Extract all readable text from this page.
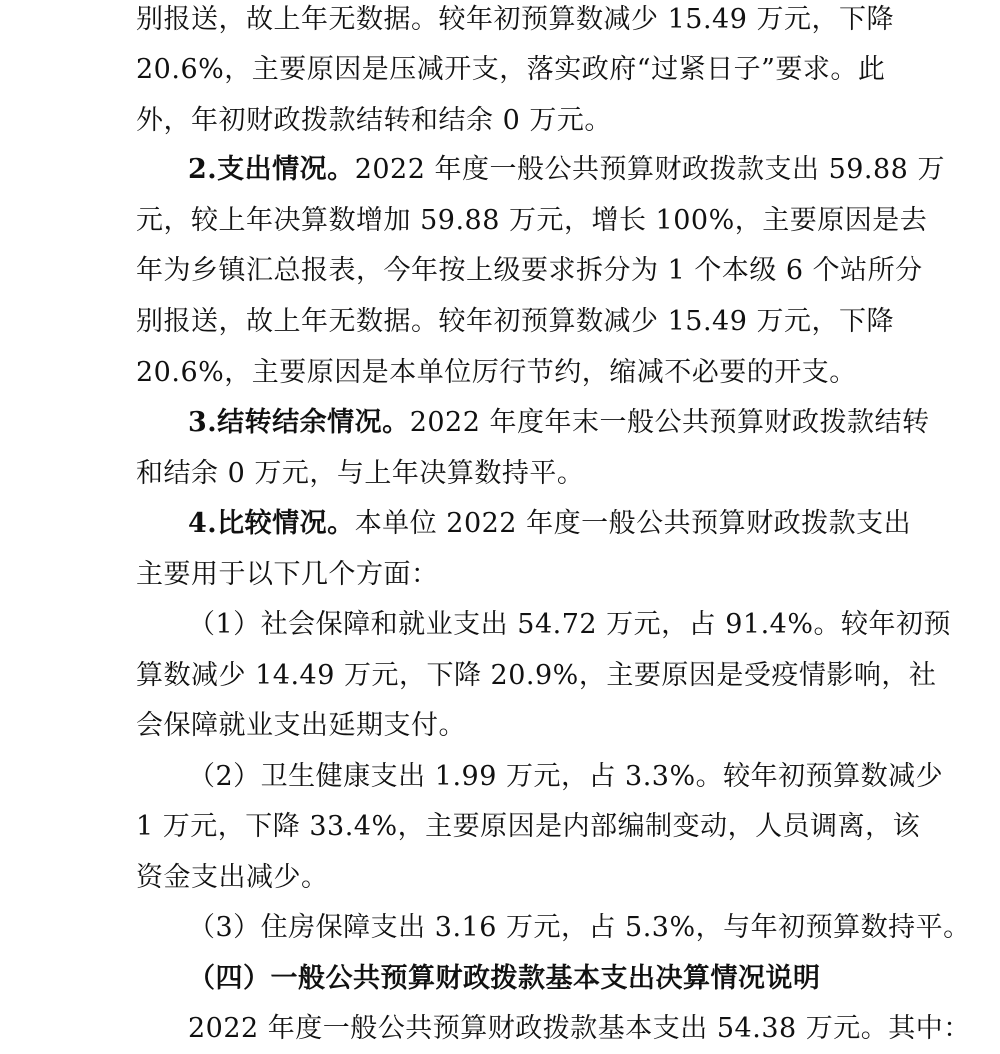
别报送，故上年无数据。较年初预算数减少 15.49 万元，下降
20.6%，主要原因是压减开支，落实政府“过紧日子”要求。此
外，年初财政拨款结转和结余 0 万元。
2.支出情况。2022 年度一般公共预算财政拨款支出 59.88 万
元，较上年决算数增加 59.88 万元，增长 100%，主要原因是去
年为乡镇汇总报表，今年按上级要求拆分为 1 个本级 6 个站所分
别报送，故上年无数据。较年初预算数减少 15.49 万元，下降
20.6%，主要原因是本单位厉行节约，缩减不必要的开支。
3.结转结余情况。2022 年度年末一般公共预算财政拨款结转
和结余 0 万元，与上年决算数持平。
4.比较情况。本单位 2022 年度一般公共预算财政拨款支出
主要用于以下几个方面：
（1）社会保障和就业支出 54.72 万元，占 91.4%。较年初预
算数减少 14.49 万元，下降 20.9%，主要原因是受疫情影响，社
会保障就业支出延期支付。
（2）卫生健康支出 1.99 万元，占 3.3%。较年初预算数减少
1 万元，下降 33.4%，主要原因是内部编制变动，人员调离，该
资金支出减少。
（3）住房保障支出 3.16 万元，占 5.3%，与年初预算数持平。
（四）一般公共预算财政拨款基本支出决算情况说明
2022 年度一般公共预算财政拨款基本支出 54.38 万元。其中：
